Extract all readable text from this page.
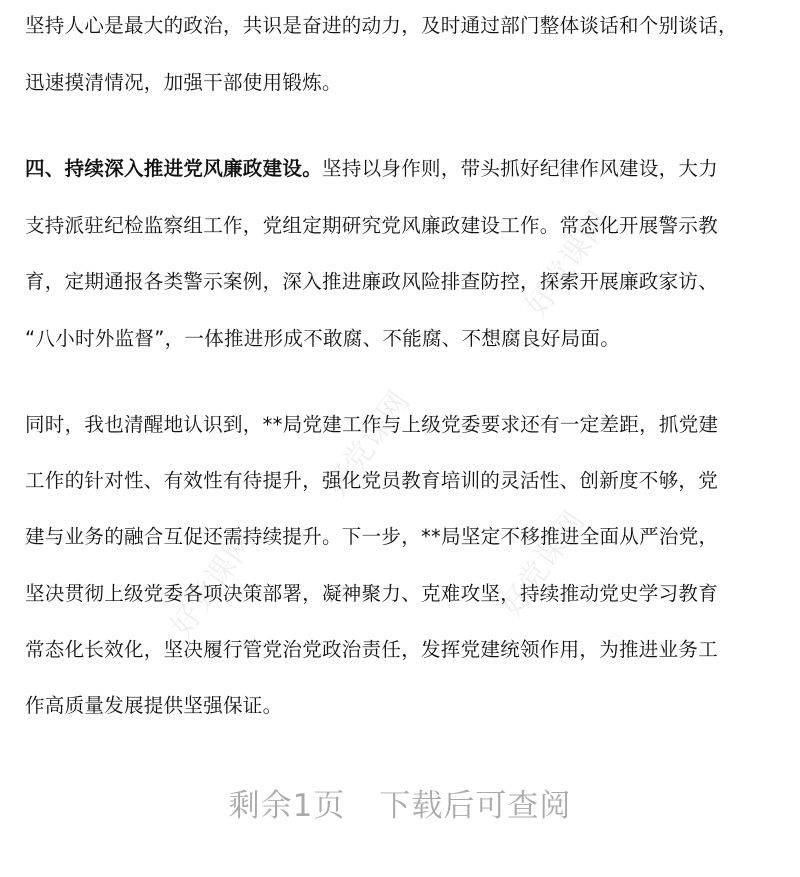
好党课网
好党课网
好党课网
好党课网
坚持人心是最大的政治，共识是奋进的动力，及时通过部门整体谈话和个别谈话，
迅速摸清情况，加强干部使用锻炼。
四、持续深入推进党风廉政建设。坚持以身作则，带头抓好纪律作风建设，大力
支持派驻纪检监察组工作，党组定期研究党风廉政建设工作。常态化开展警示教
育，定期通报各类警示案例，深入推进廉政风险排查防控，探索开展廉政家访、
“八小时外监督”，一体推进形成不敢腐、不能腐、不想腐良好局面。
同时，我也清醒地认识到，**局党建工作与上级党委要求还有一定差距，抓党建
工作的针对性、有效性有待提升，强化党员教育培训的灵活性、创新度不够，党
建与业务的融合互促还需持续提升。下一步，**局坚定不移推进全面从严治党，
坚决贯彻上级党委各项决策部署，凝神聚力、克难攻坚，持续推动党史学习教育
常态化长效化，坚决履行管党治党政治责任，发挥党建统领作用，为推进业务工
作高质量发展提供坚强保证。
剩余1页 下载后可查阅
